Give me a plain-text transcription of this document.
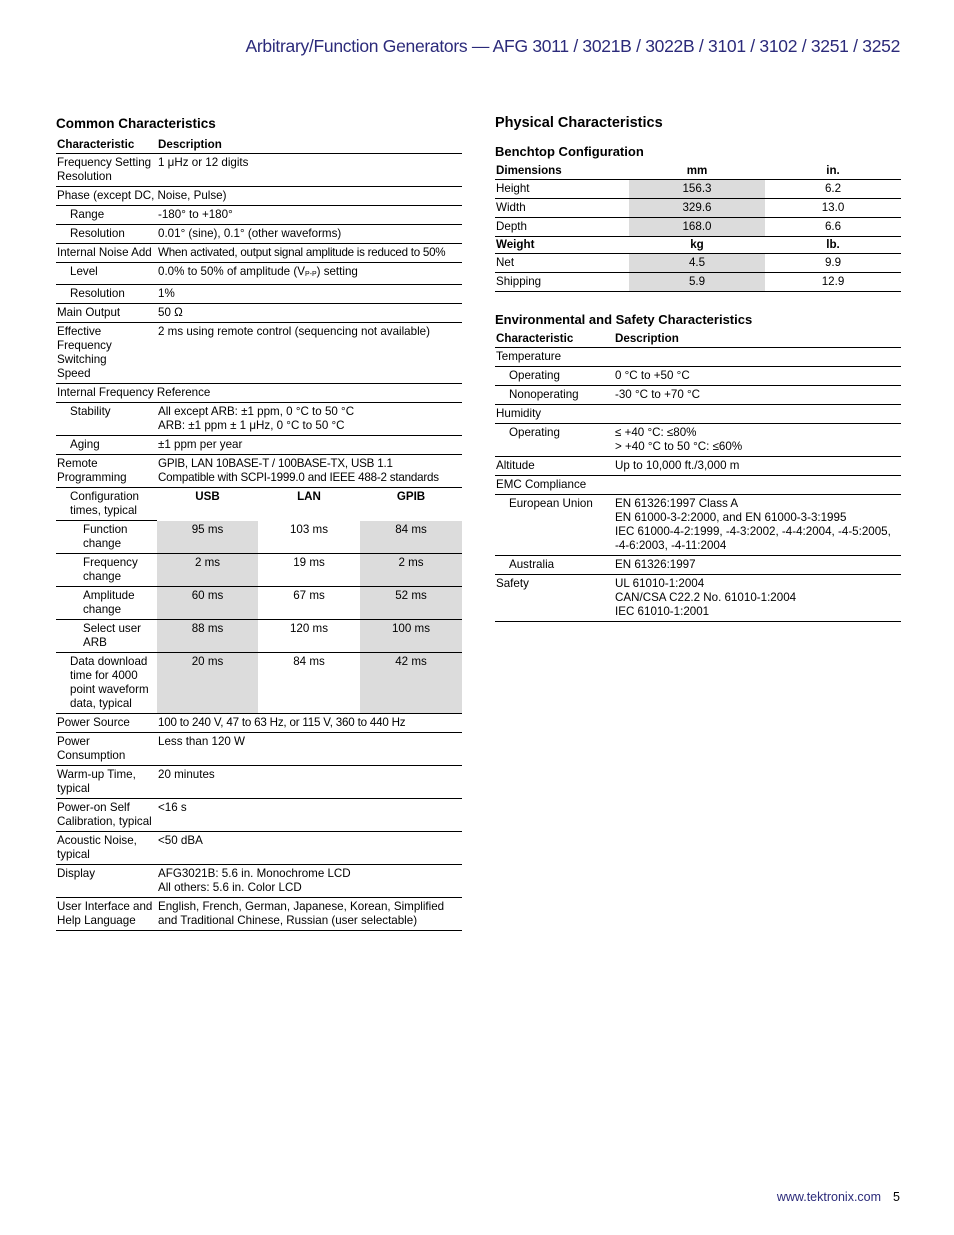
Arbitrary/Function Generators — AFG 3011 / 3021B / 3022B / 3101 / 3102 / 3251 / 3252
Common Characteristics
Characteristic	Description		
Frequency Setting Resolution	1 μHz or 12 digits		
Phase (except DC, Noise, Pulse)			
Range	-180° to +180°		
Resolution	0.01° (sine), 0.1° (other waveforms)		
Internal Noise Add	When activated, output signal amplitude is reduced to 50%		
Level	0.0% to 50% of amplitude $(V_{P-P})$ setting		
Resolution	1%		
Main Output	50 Ω		
Effective Frequency Switching Speed	2 ms using remote control (sequencing not available)		
Internal Frequency Reference			
Stability	All except ARB: ±1 ppm, 0 °C to 50 °C
ARB: ±1 ppm ± 1 μHz, 0 °C to 50 °C		

Aging	±1 ppm per year		
Remote Programming	GPIB, LAN 10BASE-T / 100BASE-TX, USB 1.1
Compatible with SCPI-1999.0 and IEEE 488-2 standards		

Configuration times, typical	USB	LAN	GPIB
Function change	95 ms	103 ms	84 ms
Frequency change	2 ms	19 ms	2 ms
Amplitude change	60 ms	67 ms	52 ms
Select user ARB	88 ms	120 ms	100 ms
Data download time for 4000 point waveform data, typical	20 ms	84 ms	42 ms
Power Source	100 to 240 V, 47 to 63 Hz, or 115 V, 360 to 440 Hz		
Power Consumption	Less than 120 W		
Warm-up Time, typical	20 minutes		
Power-on Self Calibration, typical	<16 s		
Acoustic Noise, typical	<50 dBA		
Display	AFG3021B: 5.6 in. Monochrome LCD
All others: 5.6 in. Color LCD		

User Interface and Help Language	English, French, German, Japanese, Korean, Simplified and Traditional Chinese, Russian (user selectable)		
Physical Characteristics
Benchtop Configuration
Dimensions	mm	in.
Height	156.3	6.2
Width	329.6	13.0
Depth	168.0	6.6
Weight	kg	lb.
Net	4.5	9.9
Shipping	5.9	12.9
Environmental and Safety Characteristics
Characteristic	Description
Temperature	
Operating	0 °C to +50 °C
Nonoperating	-30 °C to +70 °C
Humidity	
Operating	≤ +40 °C: ≤80%
> +40 °C to 50 °C: ≤60%

Altitude	Up to 10,000 ft./3,000 m
EMC Compliance	
European Union	EN 61326:1997 Class A
EN 61000-3-2:2000, and EN 61000-3-3:1995
IEC 61000-4-2:1999, -4-3:2002, -4-4:2004, -4-5:2005, -4-6:2003, -4-11:2004

Australia	EN 61326:1997
Safety	UL 61010-1:2004
CAN/CSA C22.2 No. 61010-1:2004
IEC 61010-1:2001
www.tektronix.com 5
